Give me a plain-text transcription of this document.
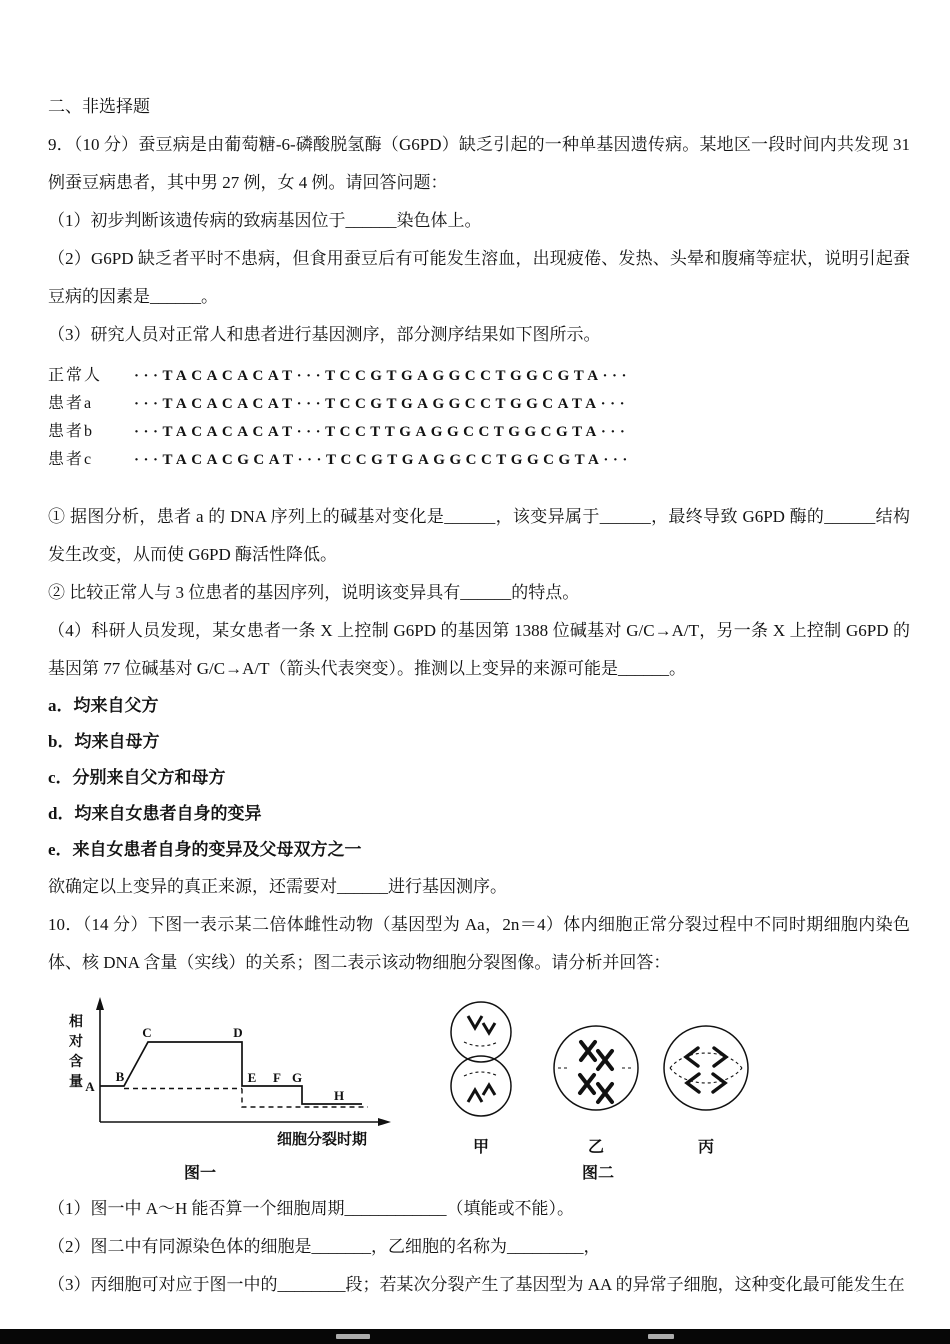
二、非选择题

9．（10 分）蚕豆病是由葡萄糖-6-磷酸脱氢酶（G6PD）缺乏引起的一种单基因遗传病。某地区一段时间内共发现 31 例蚕豆病患者，其中男 27 例，女 4 例。请回答问题：

（1）初步判断该遗传病的致病基因位于______染色体上。

（2）G6PD 缺乏者平时不患病，但食用蚕豆后有可能发生溶血，出现疲倦、发热、头晕和腹痛等症状，说明引起蚕豆病的因素是______。

（3）研究人员对正常人和患者进行基因测序，部分测序结果如下图所示。

正常人	···TACACACAT···TCCGTGAGGCCTGGCGTA···
患者a	···TACACACAT···TCCGTGAGGCCTGGCATA···
患者b	···TACACACAT···TCCTTGAGGCCTGGCGTA···
患者c	···TACACGCAT···TCCGTGAGGCCTGGCGTA···

① 据图分析，患者 a 的 DNA 序列上的碱基对变化是______，该变异属于______，最终导致 G6PD 酶的______结构发生改变，从而使 G6PD 酶活性降低。

② 比较正常人与 3 位患者的基因序列，说明该变异具有______的特点。

（4）科研人员发现，某女患者一条 X 上控制 G6PD 的基因第 1388 位碱基对 G/C→A/T，另一条 X 上控制 G6PD 的基因第 77 位碱基对 G/C→A/T（箭头代表突变）。推测以上变异的来源可能是______。

a．均来自父方

b．均来自母方

c．分别来自父方和母方

d．均来自女患者自身的变异

e．来自女患者自身的变异及父母双方之一

欲确定以上变异的真正来源，还需要对______进行基因测序。

10．（14 分）下图一表示某二倍体雌性动物（基因型为 Aa，2n＝4）体内细胞正常分裂过程中不同时期细胞内染色体、核 DNA 含量（实线）的关系；图二表示该动物细胞分裂图像。请分析并回答：

相
对
含
量 A
B
C	D
E F G
H
细胞分裂时期
图一
甲	乙	丙
图二

（1）图一中 A～H 能否算一个细胞周期____________（填能或不能）。

（2）图二中有同源染色体的细胞是_______，乙细胞的名称为_________，

（3）丙细胞可对应于图一中的________段；若某次分裂产生了基因型为 AA 的异常子细胞，这种变化最可能发生在
